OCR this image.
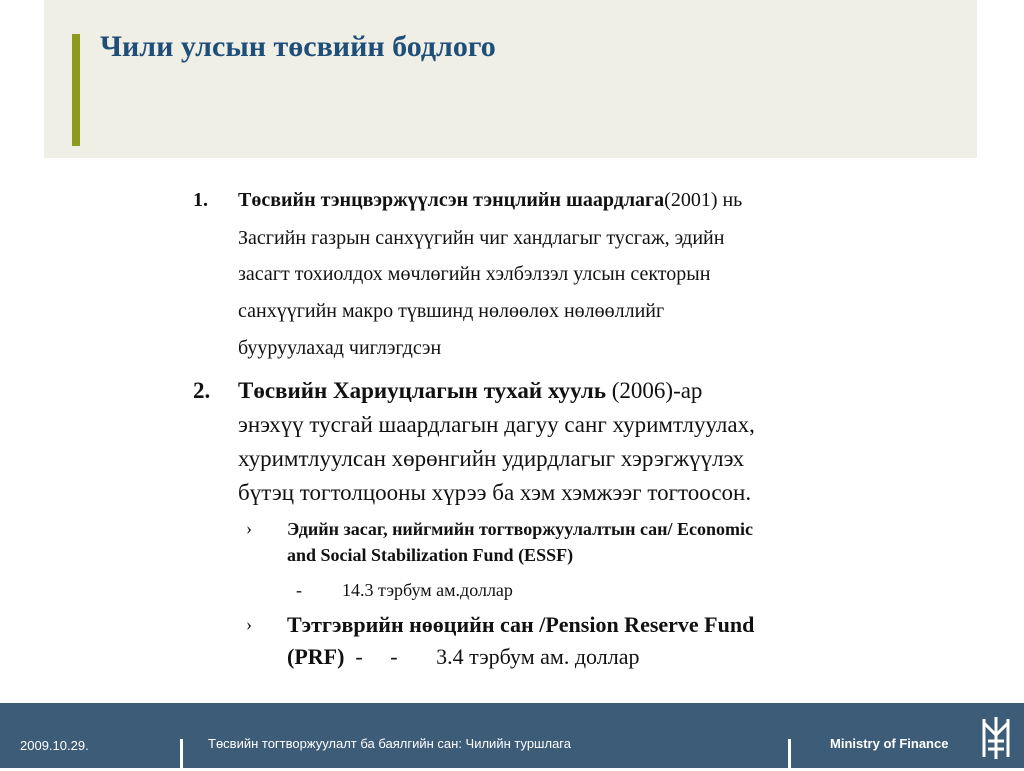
Чили улсын төсвийн бодлого
1. Төсвийн тэнцвэржүүлсэн тэнцлийн шаардлага(2001) нь
Засгийн газрын санхүүгийн чиг хандлагыг тусгаж, эдийн
засагт тохиолдох мөчлөгийн хэлбэлзэл улсын секторын
санхүүгийн макро түвшинд нөлөөлөх нөлөөллийг
бууруулахад чиглэгдсэн
2. Төсвийн Хариуцлагын тухай хууль (2006)-ар
энэхүү тусгай шаардлагын дагуу санг хуримтлуулах,
хуримтлуулсан хөрөнгийн удирдлагыг хэрэгжүүлэх
бүтэц тогтолцооны хүрээ ба хэм хэмжээг тогтоосон.
› Эдийн засаг, нийгмийн тогтворжуулалтын сан/ Economic
and Social Stabilization Fund (ESSF)
- 14.3 тэрбум ам.доллар
› Тэтгэврийн нөөцийн сан /Pension Reserve Fund
(PRF)  -     -       3.4 тэрбум ам. доллар
2009.10.29.	Төсвийн тогтворжуулалт ба баялгийн сан: Чилийн туршлага	Ministry of Finance
